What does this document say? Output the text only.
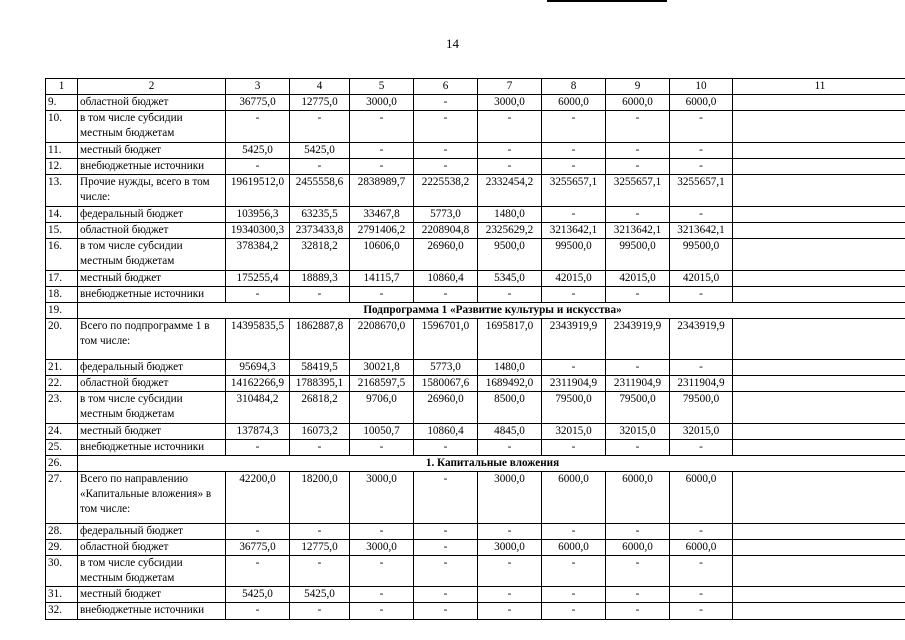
14
1	2	3	4	5	6	7	8	9	10	11
9.	областной бюджет	36775,0	12775,0	3000,0	-	3000,0	6000,0	6000,0	6000,0	
10.	в том числе субсидии местным бюджетам	-	-	-	-	-	-	-	-	
11.	местный бюджет	5425,0	5425,0	-	-	-	-	-	-	
12.	внебюджетные источники	-	-	-	-	-	-	-	-	
13.	Прочие нужды, всего в том числе:	19619512,0	2455558,6	2838989,7	2225538,2	2332454,2	3255657,1	3255657,1	3255657,1	
14.	федеральный бюджет	103956,3	63235,5	33467,8	5773,0	1480,0	-	-	-	
15.	областной бюджет	19340300,3	2373433,8	2791406,2	2208904,8	2325629,2	3213642,1	3213642,1	3213642,1	
16.	в том числе субсидии местным бюджетам	378384,2	32818,2	10606,0	26960,0	9500,0	99500,0	99500,0	99500,0	
17.	местный бюджет	175255,4	18889,3	14115,7	10860,4	5345,0	42015,0	42015,0	42015,0	
18.	внебюджетные источники	-	-	-	-	-	-	-	-	
19.	Подпрограмма 1 «Развитие культуры и искусства»									
20.	Всего по подпрограмме 1 в том числе:	14395835,5	1862887,8	2208670,0	1596701,0	1695817,0	2343919,9	2343919,9	2343919,9	
21.	федеральный бюджет	95694,3	58419,5	30021,8	5773,0	1480,0	-	-	-	
22.	областной бюджет	14162266,9	1788395,1	2168597,5	1580067,6	1689492,0	2311904,9	2311904,9	2311904,9	
23.	в том числе субсидии местным бюджетам	310484,2	26818,2	9706,0	26960,0	8500,0	79500,0	79500,0	79500,0	
24.	местный бюджет	137874,3	16073,2	10050,7	10860,4	4845,0	32015,0	32015,0	32015,0	
25.	внебюджетные источники	-	-	-	-	-	-	-	-	
26.	1. Капитальные вложения									
27.	Всего по направлению «Капитальные вложения» в том числе:	42200,0	18200,0	3000,0	-	3000,0	6000,0	6000,0	6000,0	
28.	федеральный бюджет	-	-	-	-	-	-	-	-	
29.	областной бюджет	36775,0	12775,0	3000,0	-	3000,0	6000,0	6000,0	6000,0	
30.	в том числе субсидии местным бюджетам	-	-	-	-	-	-	-	-	
31.	местный бюджет	5425,0	5425,0	-	-	-	-	-	-	
32.	внебюджетные источники	-	-	-	-	-	-	-	-	
